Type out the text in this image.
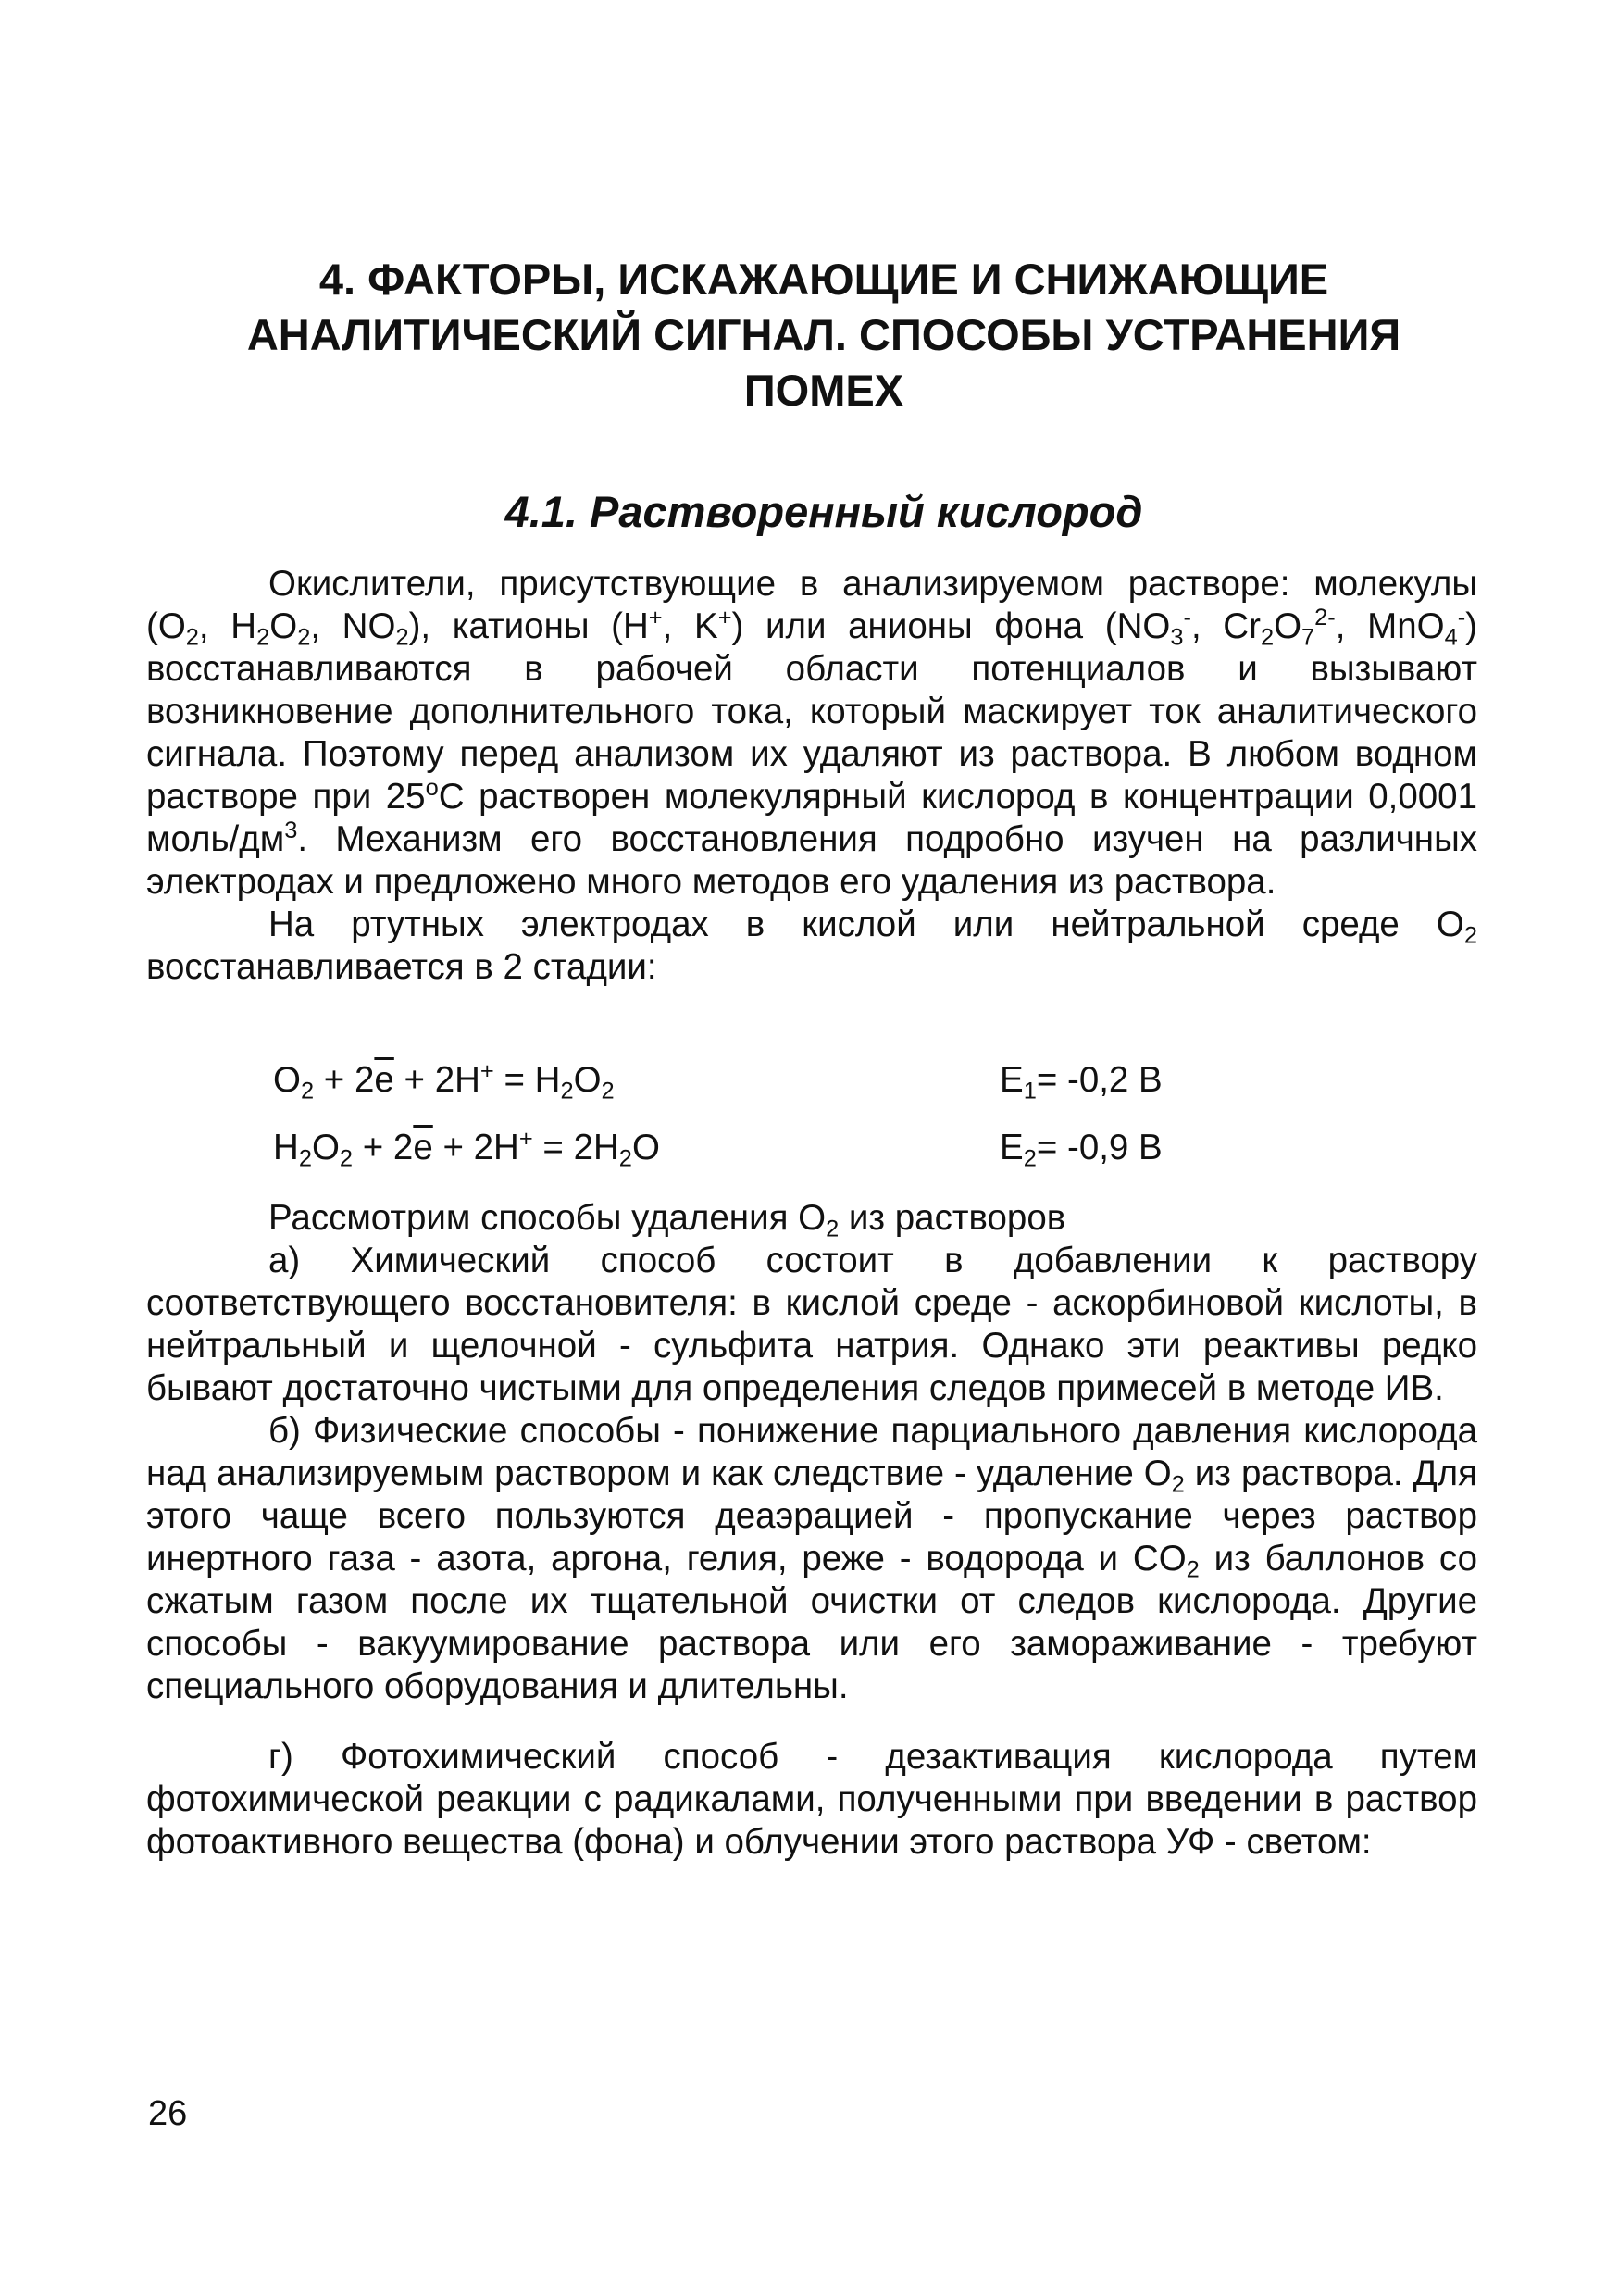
4. ФАКТОРЫ, ИСКАЖАЮЩИЕ И СНИЖАЮЩИЕ
АНАЛИТИЧЕСКИЙ СИГНАЛ. СПОСОБЫ УСТРАНЕНИЯ
ПОМЕХ
4.1. Растворенный кислород

Окислители, присутствующие в анализируемом растворе: молекулы ($O_2$, $H_2O_2$, $NO_2$), катионы (H+, K+) или анионы фона ($NO_3^-$, $Cr_2O_7^{2-}$, MnO$_4$-) восстанавливаются в рабочей области потенциалов и вызывают возникновение дополнительного тока, который маскирует ток аналитического сигнала. Поэтому перед анализом их удаляют из раствора. В любом водном растворе при 25$^o$C растворен молекулярный кислород в концентрации 0,0001 моль/$дм^3$. Механизм его восстановления подробно изучен на различных электродах и предложено много методов его удаления из раствора.

На ртутных электродах в кислой или нейтральной среде $O_2$ восстанавливается в 2 стадии:

$O_2 + 2\overline{e} + 2H^+ = H_2O_2$	$E_1= -0,2$ В
$H_2O_2 + 2\overline{e} + 2H^+ = 2H_2O$	$E_2= -0,9$ В

Рассмотрим способы удаления $O_2$ из растворов

а) Химический способ состоит в добавлении к раствору соответствующего восстановителя: в кислой среде - аскорбиновой кислоты, в нейтральный и щелочной - сульфита натрия. Однако эти реактивы редко бывают достаточно чистыми для определения следов примесей в методе ИВ.

б) Физические способы - понижение парциального давления кислорода над анализируемым раствором и как следствие - удаление $O_2$ из раствора. Для этого чаще всего пользуются деаэрацией - пропускание через раствор инертного газа - азота, аргона, гелия, реже - водорода и $CO_2$ из баллонов со сжатым газом после их тщательной очистки от следов кислорода. Другие способы - вакуумирование раствора или его замораживание - требуют специального оборудования и длительны.

г) Фотохимический способ - дезактивация кислорода путем фотохимической реакции с радикалами, полученными при введении в раствор фотоактивного вещества (фона) и облучении этого раствора УФ - светом:

26
